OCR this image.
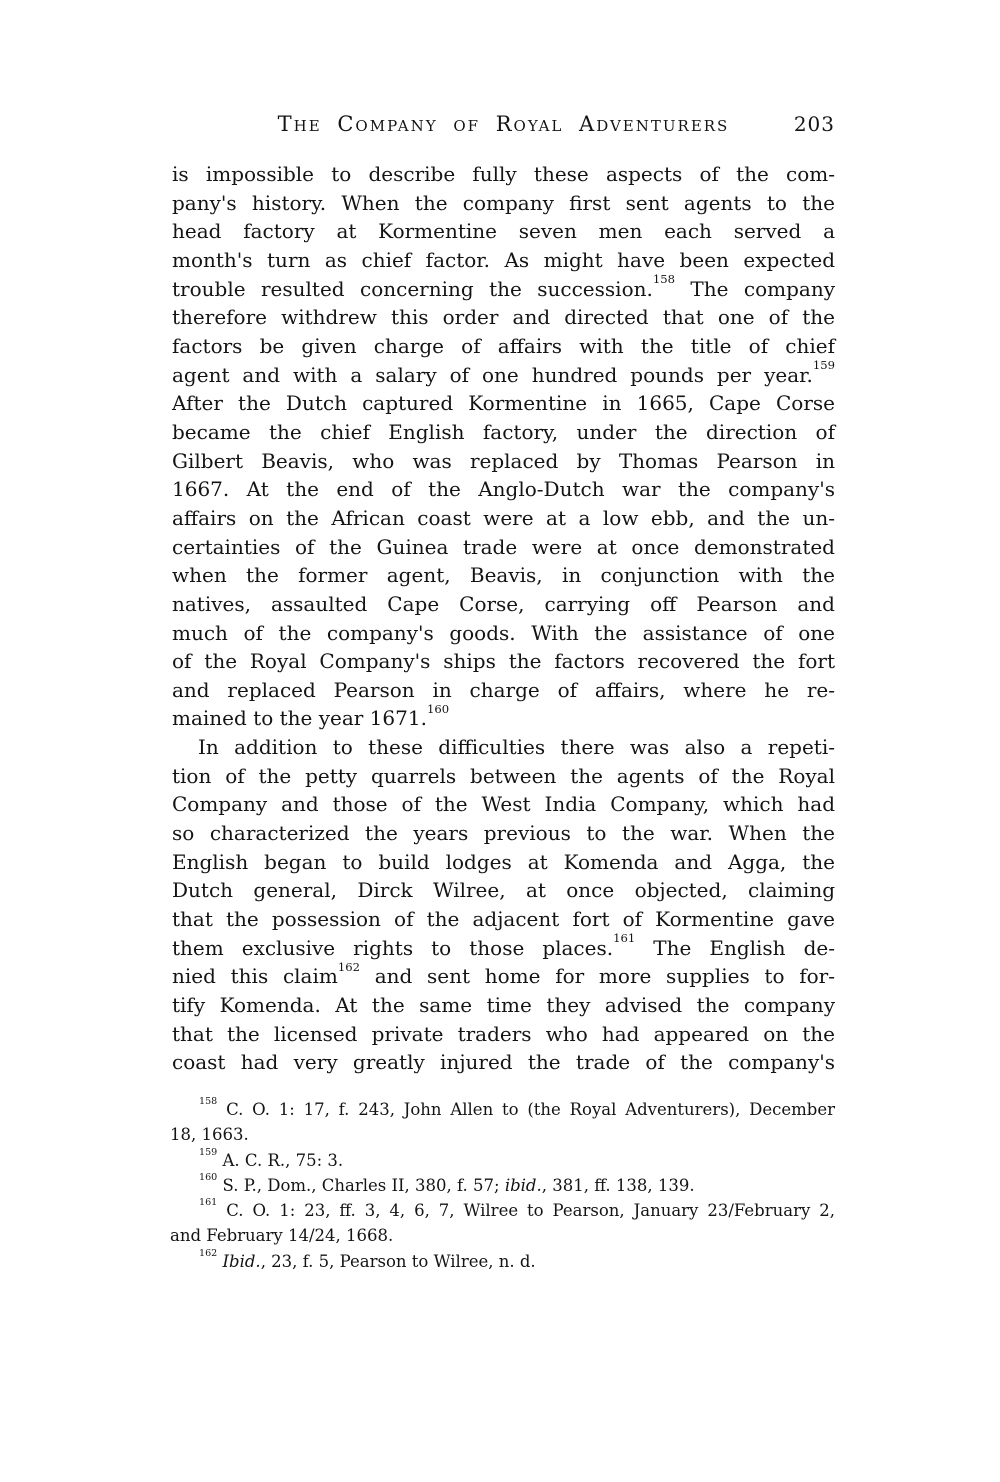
The Company of Royal Adventurers	203
is impossible to describe fully these aspects of the com-
pany's history. When the company first sent agents to the
head factory at Kormentine seven men each served a
month's turn as chief factor. As might have been expected
trouble resulted concerning the succession.$^{158}$ The company
therefore withdrew this order and directed that one of the
factors be given charge of affairs with the title of chief
agent and with a salary of one hundred pounds per year.$^{159}$
After the Dutch captured Kormentine in 1665, Cape Corse
became the chief English factory, under the direction of
Gilbert Beavis, who was replaced by Thomas Pearson in
1667. At the end of the Anglo-Dutch war the company's
affairs on the African coast were at a low ebb, and the un-
certainties of the Guinea trade were at once demonstrated
when the former agent, Beavis, in conjunction with the
natives, assaulted Cape Corse, carrying off Pearson and
much of the company's goods. With the assistance of one
of the Royal Company's ships the factors recovered the fort
and replaced Pearson in charge of affairs, where he re-
mained to the year 1671.$^{160}$
In addition to these difficulties there was also a repeti-
tion of the petty quarrels between the agents of the Royal
Company and those of the West India Company, which had
so characterized the years previous to the war. When the
English began to build lodges at Komenda and Agga, the
Dutch general, Dirck Wilree, at once objected, claiming
that the possession of the adjacent fort of Kormentine gave
them exclusive rights to those places.$^{161}$ The English de-
nied this claim$^{162}$ and sent home for more supplies to for-
tify Komenda. At the same time they advised the company
that the licensed private traders who had appeared on the
coast had very greatly injured the trade of the company's
$^{158}$ C. O. 1: 17, f. 243, John Allen to (the Royal Adventurers), December
18, 1663.
$^{159}$ A. C. R., 75: 3.
$^{160}$ S. P., Dom., Charles II, 380, f. 57; ibid., 381, ff. 138, 139.
$^{161}$ C. O. 1: 23, ff. 3, 4, 6, 7, Wilree to Pearson, January 23/February 2,
and February 14/24, 1668.
$^{162}$ Ibid., 23, f. 5, Pearson to Wilree, n. d.
